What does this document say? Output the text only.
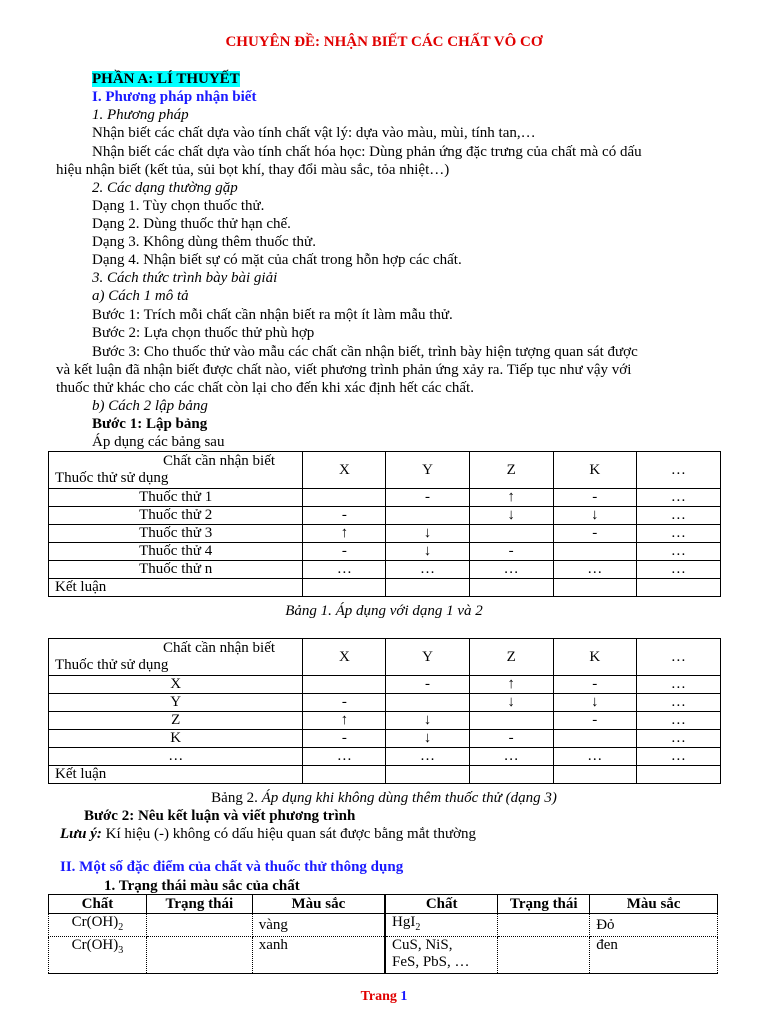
CHUYÊN ĐỀ: NHẬN BIẾT CÁC CHẤT VÔ CƠ
PHẦN A: LÍ THUYẾT
I. Phương pháp nhận biết
1. Phương pháp
Nhận biết các chất dựa vào tính chất vật lý: dựa vào màu, mùi, tính tan,…
Nhận biết các chất dựa vào tính chất hóa học: Dùng phản ứng đặc trưng của chất mà có dấu
hiệu nhận biết (kết tủa, sủi bọt khí, thay đổi màu sắc, tỏa nhiệt…)
2. Các dạng thường gặp
Dạng 1. Tùy chọn thuốc thử.
Dạng 2. Dùng thuốc thử hạn chế.
Dạng 3. Không dùng thêm thuốc thử.
Dạng 4. Nhận biết sự có mặt của chất trong hỗn hợp các chất.
3. Cách thức trình bày bài giải
a) Cách 1 mô tả
Bước 1: Trích mỗi chất cần nhận biết ra một ít làm mẫu thử.
Bước 2: Lựa chọn thuốc thử phù hợp
Bước 3: Cho thuốc thử vào mẫu các chất cần nhận biết, trình bày hiện tượng quan sát được
và kết luận đã nhận biết được chất nào, viết phương trình phản ứng xảy ra. Tiếp tục như vậy với
thuốc thử khác cho các chất còn lại cho đến khi xác định hết các chất.
b) Cách 2 lập bảng
Bước 1: Lập bảng
Áp dụng các bảng sau
Chất cần nhận biết
Thuốc thử sử dụng	X	Y	Z	K	…
Thuốc thử 1		-	↑	-	…
Thuốc thử 2	-		↓	↓	…
Thuốc thử 3	↑	↓		-	…
Thuốc thử 4	-	↓	-		…
Thuốc thử n	…	…	…	…	…
Kết luận					
Bảng 1. Áp dụng với dạng 1 và 2
Chất cần nhận biết
Thuốc thử sử dụng	X	Y	Z	K	…
X		-	↑	-	…
Y	-		↓	↓	…
Z	↑	↓		-	…
K	-	↓	-		…
…	…	…	…	…	…
Kết luận					
Bảng 2. Áp dụng khi không dùng thêm thuốc thử (dạng 3)
Bước 2: Nêu kết luận và viết phương trình
Lưu ý: Kí hiệu (-) không có dấu hiệu quan sát được bằng mắt thường
II. Một số đặc điểm của chất và thuốc thử thông dụng
1. Trạng thái màu sắc của chất
Chất	Trạng thái	Màu sắc	Chất	Trạng thái	Màu sắc
$Cr(OH)_2$		vàng	HgI$_2$		Đỏ
$Cr(OH)_3$		xanh	CuS, NiS,
FeS, PbS, …		đen
Trang 1
